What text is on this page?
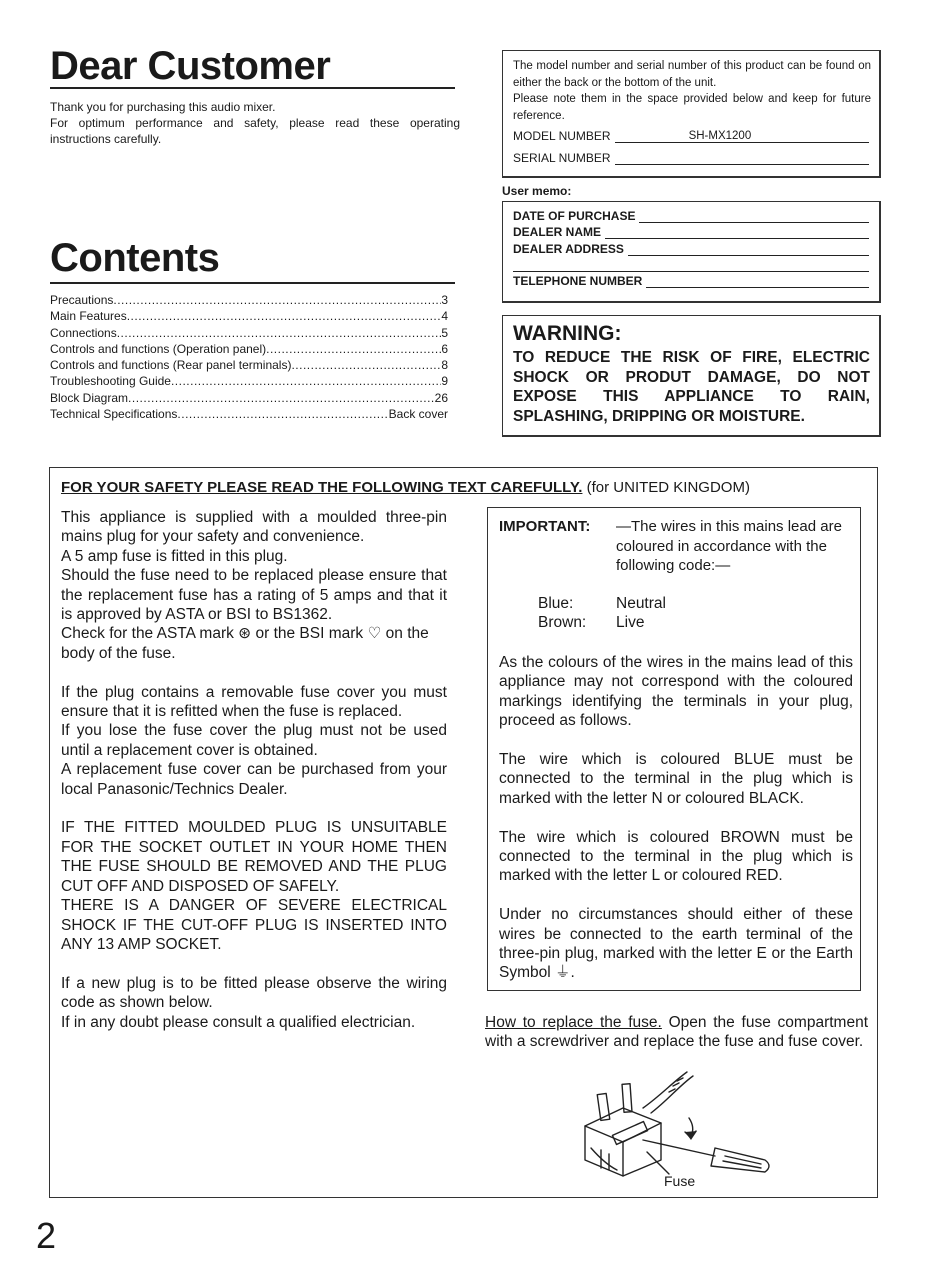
Dear Customer
Thank you for purchasing this audio mixer.
For optimum performance and safety, please read these operating instructions carefully.
Contents
Precautions .....	3
Main Features .....	4
Connections .....	5
Controls and functions (Operation panel) .....	6
Controls and functions (Rear panel terminals) .....	8
Troubleshooting Guide .....	9
Block Diagram .....	26
Technical Specifications .....	Back cover
The model number and serial number of this product can be found on either the back or the bottom of the unit.
Please note them in the space provided below and keep for future reference.
MODEL NUMBER	SH-MX1200
SERIAL NUMBER
User memo:
DATE OF PURCHASE
DEALER NAME
DEALER ADDRESS
TELEPHONE NUMBER
WARNING:
TO REDUCE THE RISK OF FIRE, ELECTRIC SHOCK OR PRODUT DAMAGE, DO NOT EXPOSE THIS APPLIANCE TO RAIN, SPLASHING, DRIPPING OR MOISTURE.
FOR YOUR SAFETY PLEASE READ THE FOLLOWING TEXT CAREFULLY. (for UNITED KINGDOM)

This appliance is supplied with a moulded three-pin mains plug for your safety and convenience.

A 5 amp fuse is fitted in this plug.

Should the fuse need to be replaced please ensure that the replacement fuse has a rating of 5 amps and that it is approved by ASTA or BSI to BS1362.

Check for the ASTA mark ⊛ or the BSI mark ♡ on the body of the fuse.

If the plug contains a removable fuse cover you must ensure that it is refitted when the fuse is replaced.

If you lose the fuse cover the plug must not be used until a replacement cover is obtained.

A replacement fuse cover can be purchased from your local Panasonic/Technics Dealer.

IF THE FITTED MOULDED PLUG IS UNSUITABLE FOR THE SOCKET OUTLET IN YOUR HOME THEN THE FUSE SHOULD BE REMOVED AND THE PLUG CUT OFF AND DISPOSED OF SAFELY.

THERE IS A DANGER OF SEVERE ELECTRICAL SHOCK IF THE CUT-OFF PLUG IS INSERTED INTO ANY 13 AMP SOCKET.

If a new plug is to be fitted please observe the wiring code as shown below.

If in any doubt please consult a qualified electrician.

IMPORTANT:	—The wires in this mains lead are coloured in accordance with the following code:—
Blue:	Neutral
Brown:	Live

As the colours of the wires in the mains lead of this appliance may not correspond with the coloured markings identifying the terminals in your plug, proceed as follows.

The wire which is coloured BLUE must be connected to the terminal in the plug which is marked with the letter N or coloured BLACK.

The wire which is coloured BROWN must be connected to the terminal in the plug which is marked with the letter L or coloured RED.

Under no circumstances should either of these wires be connected to the earth terminal of the three-pin plug, marked with the letter E or the Earth Symbol ⏚.

How to replace the fuse. Open the fuse compartment with a screwdriver and replace the fuse and fuse cover.
Fuse
2
